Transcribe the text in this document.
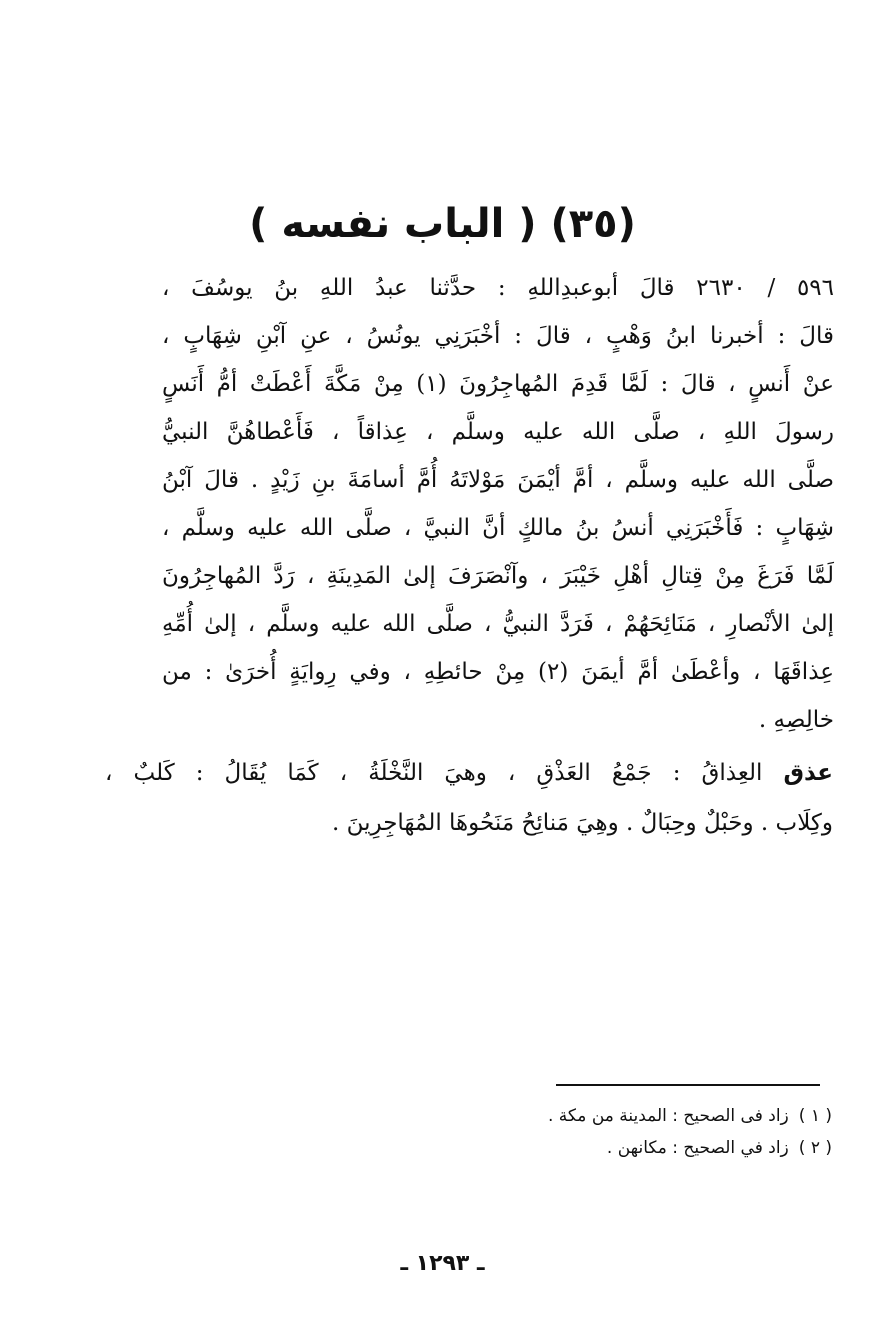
(٣٥) ( الباب نفسه )
٥٩٦ / ٢٦٣٠ قالَ أبوعبدِاللهِ : حدَّثنا عبدُ اللهِ بنُ يوسُفَ ،
قالَ : أخبرنا ابنُ وَهْبٍ ، قالَ : أخْبَرَنِي يونُسُ ، عنِ آبْنِ شِهَابٍ ،
عنْ أَنسٍ ، قالَ : لَمَّا قَدِمَ المُهاجِرُونَ (١) مِنْ مَكَّةَ أَعْطَتْ أمُّ أَنَسٍ
رسولَ اللهِ ، صلَّى الله عليه وسلَّم ، عِذاقاً ، فَأَعْطاهُنَّ النبيُّ
صلَّى الله عليه وسلَّم ، أمَّ أيْمَنَ مَوْلاتَهُ أُمَّ أسامَةَ بنِ زَيْدٍ . قالَ آبْنُ
شِهَابٍ : فَأَخْبَرَنِي أنسُ بنُ مالكٍ أنَّ النبيَّ ، صلَّى الله عليه وسلَّم ،
لَمَّا فَرَغَ مِنْ قِتالِ أهْلِ خَيْبَرَ ، وآنْصَرَفَ إلىٰ المَدِينَةِ ، رَدَّ المُهاجِرُونَ
إلىٰ الأنْصارِ ، مَنَائِحَهُمْ ، فَرَدَّ النبيُّ ، صلَّى الله عليه وسلَّم ، إلىٰ أُمِّهِ
عِذاقَهَا ، وأعْطَىٰ أمَّ أيمَنَ (٢) مِنْ حائطِهِ ، وفي رِوايَةٍ أُخرَىٰ : من
خالِصِهِ .
عذق العِذاقُ : جَمْعُ العَذْقِ ، وهيَ النَّخْلَةُ ، كَمَا يُقَالُ : كَلبٌ ،
وكِلَاب . وحَبْلٌ وحِبَالٌ . وهِيَ مَنائِحُ مَنَحُوهَا المُهَاجِرِينَ .
( ١ )زاد فى الصحيح : المدينة من مكة .
( ٢ )زاد في الصحيح : مكانهن .
ـ ١٢٩٣ ـ
